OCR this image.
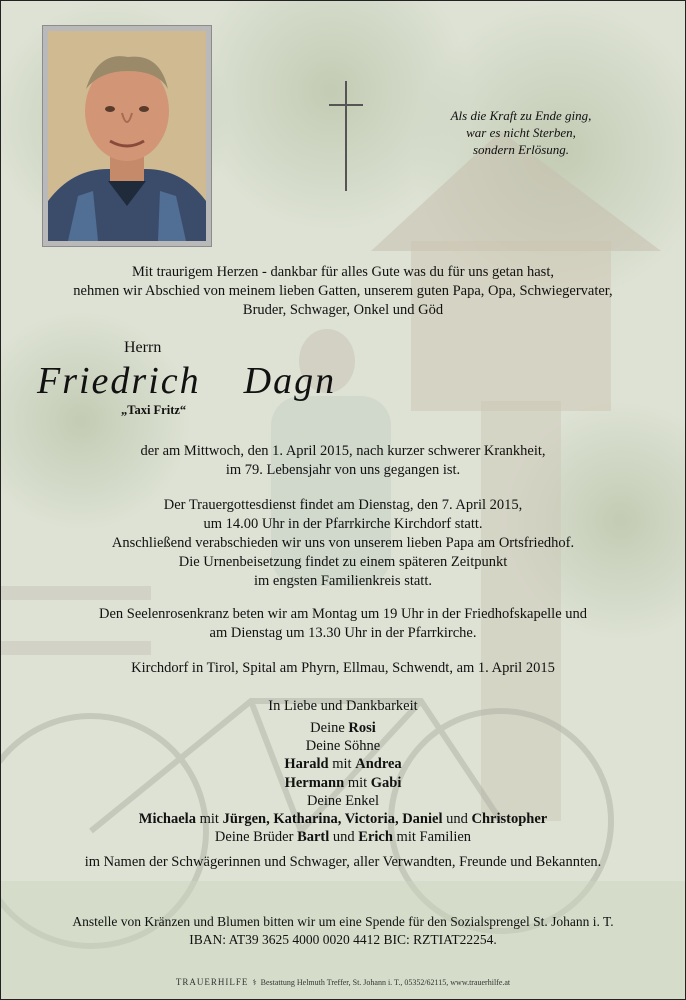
Als die Kraft zu Ende ging,
war es nicht Sterben,
sondern Erlösung.
Mit traurigem Herzen - dankbar für alles Gute was du für uns getan hast,
nehmen wir Abschied von meinem lieben Gatten, unserem guten Papa, Opa, Schwiegervater,
Bruder, Schwager, Onkel und Göd
Herrn
Friedrich  Dagn
„Taxi Fritz“
der am Mittwoch, den 1. April 2015, nach kurzer schwerer Krankheit,
im 79. Lebensjahr von uns gegangen ist.
Der Trauergottesdienst findet am Dienstag, den 7. April 2015,
um 14.00 Uhr in der Pfarrkirche Kirchdorf statt.
Anschließend verabschieden wir uns von unserem lieben Papa am Ortsfriedhof.
Die Urnenbeisetzung findet zu einem späteren Zeitpunkt
im engsten Familienkreis statt.
Den Seelenrosenkranz beten wir am Montag um 19 Uhr in der Friedhofskapelle und
am Dienstag um 13.30 Uhr in der Pfarrkirche.
Kirchdorf in Tirol, Spital am Phyrn, Ellmau, Schwendt, am 1. April 2015
In Liebe und Dankbarkeit
Deine Rosi
Deine Söhne
Harald mit Andrea
Hermann mit Gabi
Deine Enkel
Michaela mit Jürgen, Katharina, Victoria, Daniel und Christopher
Deine Brüder Bartl und Erich mit Familien
im Namen der Schwägerinnen und Schwager, aller Verwandten, Freunde und Bekannten.
Anstelle von Kränzen und Blumen bitten wir um eine Spende für den Sozialsprengel St. Johann i. T.
IBAN: AT39 3625 4000 0020 4412 BIC: RZTIAT22254.
TRAUERHILFE  ⚕  Bestattung Helmuth Treffer, St. Johann i. T., 05352/62115, www.trauerhilfe.at
